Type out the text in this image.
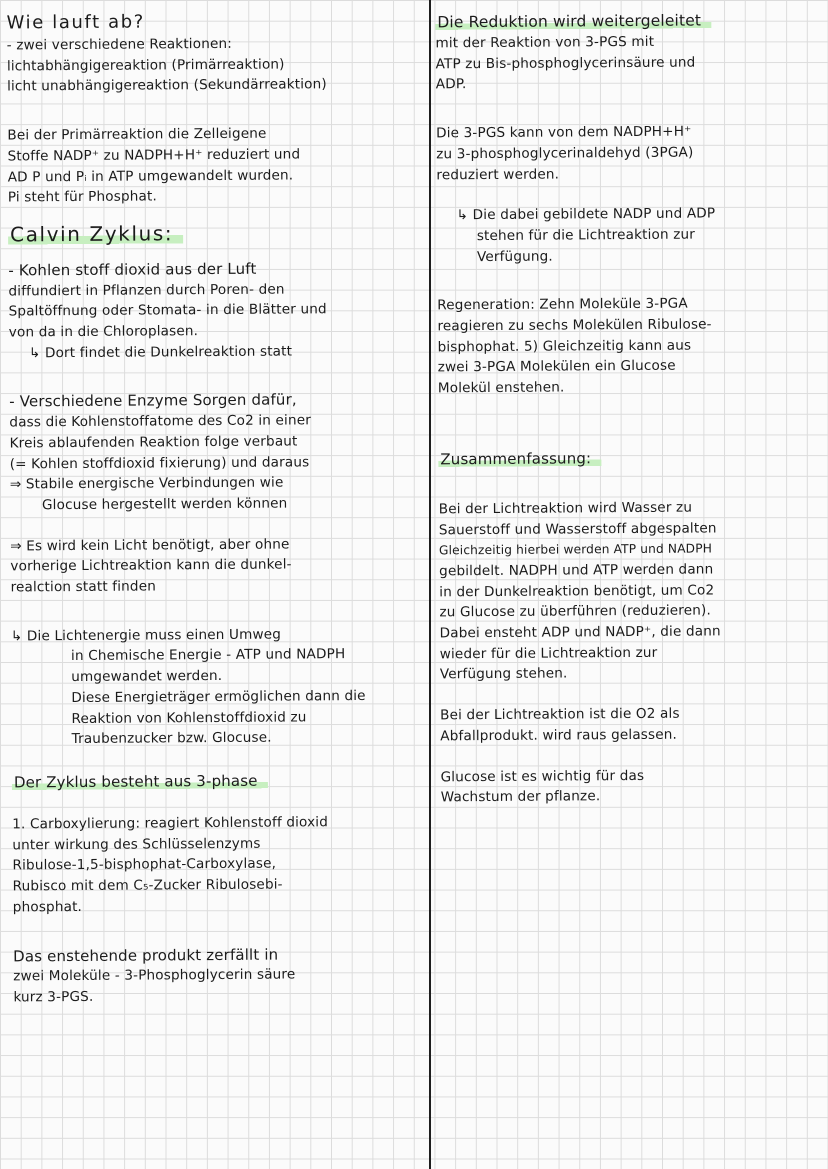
Wie lauft ab?
- zwei verschiedene Reaktionen:
lichtabhängigereaktion (Primärreaktion)
licht unabhängigereaktion (Sekundärreaktion)
Bei der Primärreaktion die Zelleigene
Stoffe NADP⁺ zu NADPH+H⁺ reduziert und
AD P und Pᵢ in ATP umgewandelt wurden.
Pi steht für Phosphat.
Calvin Zyklus:
- Kohlen stoff dioxid aus der Luft
diffundiert in Pflanzen durch Poren- den
Spaltöffnung oder Stomata- in die Blätter und
von da in die Chloroplasen.
↳ Dort findet die Dunkelreaktion statt
- Verschiedene Enzyme Sorgen dafür,
dass die Kohlenstoffatome des Co2 in einer
Kreis ablaufenden Reaktion folge verbaut
(= Kohlen stoffdioxid fixierung) und daraus
⇒ Stabile energische Verbindungen wie
Glocuse hergestellt werden können
⇒ Es wird kein Licht benötigt, aber ohne
vorherige Lichtreaktion kann die dunkel-
realction statt finden
↳ Die Lichtenergie muss einen Umweg
in Chemische Energie - ATP und NADPH
umgewandet werden.
Diese Energieträger ermöglichen dann die
Reaktion von Kohlenstoffdioxid zu
Traubenzucker bzw. Glocuse.
Der Zyklus besteht aus 3-phase
1. Carboxylierung: reagiert Kohlenstoff dioxid
unter wirkung des Schlüsselenzyms
Ribulose-1,5-bisphophat-Carboxylase,
Rubisco mit dem C₅-Zucker Ribulosebi-
phosphat.
Das enstehende produkt zerfällt in
zwei Moleküle - 3-Phosphoglycerin säure
kurz 3-PGS.
Die Reduktion wird weitergeleitet
mit der Reaktion von 3-PGS mit
ATP zu Bis-phosphoglycerinsäure und
ADP.
Die 3-PGS kann von dem NADPH+H⁺
zu 3-phosphoglycerinaldehyd (3PGA)
reduziert werden.
↳ Die dabei gebildete NADP und ADP
stehen für die Lichtreaktion zur
Verfügung.
Regeneration: Zehn Moleküle 3-PGA
reagieren zu sechs Molekülen Ribulose-
bisphophat. 5) Gleichzeitig kann aus
zwei 3-PGA Molekülen ein Glucose
Molekül enstehen.
Zusammenfassung:
Bei der Lichtreaktion wird Wasser zu
Sauerstoff und Wasserstoff abgespalten
Gleichzeitig hierbei werden ATP und NADPH
gebildelt. NADPH und ATP werden dann
in der Dunkelreaktion benötigt, um Co2
zu Glucose zu überführen (reduzieren).
Dabei ensteht ADP und NADP⁺, die dann
wieder für die Lichtreaktion zur
Verfügung stehen.
Bei der Lichtreaktion ist die O2 als
Abfallprodukt. wird raus gelassen.
Glucose ist es wichtig für das
Wachstum der pflanze.
